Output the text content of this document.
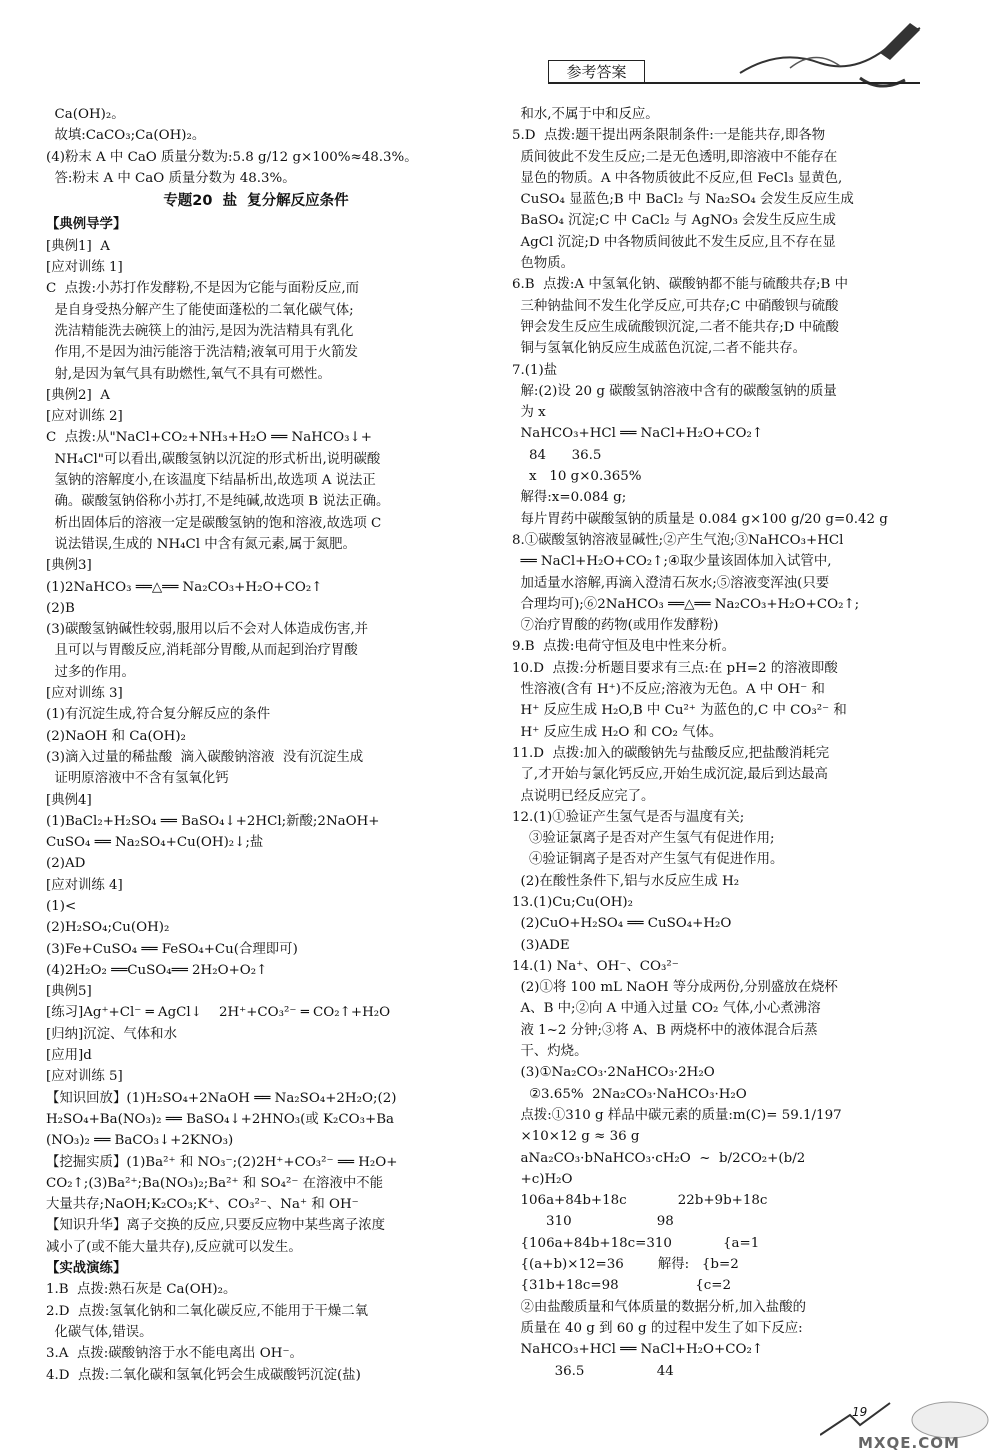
参考答案
Ca(OH)₂。
故填:CaCO₃;Ca(OH)₂。
(4)粉末 A 中 CaO 质量分数为:5.8 g/12 g×100%≈48.3%。
答:粉末 A 中 CaO 质量分数为 48.3%。
专题20  盐  复分解反应条件
【典例导学】
[典例1]  A
[应对训练 1]
C  点拨:小苏打作发酵粉,不是因为它能与面粉反应,而
是自身受热分解产生了能使面蓬松的二氧化碳气体;
洗洁精能洗去碗筷上的油污,是因为洗洁精具有乳化
作用,不是因为油污能溶于洗洁精;液氧可用于火箭发
射,是因为氧气具有助燃性,氧气不具有可燃性。
[典例2]  A
[应对训练 2]
C  点拨:从"NaCl+CO₂+NH₃+H₂O ══ NaHCO₃↓+
NH₄Cl"可以看出,碳酸氢钠以沉淀的形式析出,说明碳酸
氢钠的溶解度小,在该温度下结晶析出,故选项 A 说法正
确。碳酸氢钠俗称小苏打,不是纯碱,故选项 B 说法正确。
析出固体后的溶液一定是碳酸氢钠的饱和溶液,故选项 C
说法错误,生成的 NH₄Cl 中含有氮元素,属于氮肥。
[典例3]
(1)2NaHCO₃ ══△══ Na₂CO₃+H₂O+CO₂↑
(2)B
(3)碳酸氢钠碱性较弱,服用以后不会对人体造成伤害,并
且可以与胃酸反应,消耗部分胃酸,从而起到治疗胃酸
过多的作用。
[应对训练 3]
(1)有沉淀生成,符合复分解反应的条件
(2)NaOH 和 Ca(OH)₂
(3)滴入过量的稀盐酸  滴入碳酸钠溶液  没有沉淀生成
证明原溶液中不含有氢氧化钙
[典例4]
(1)BaCl₂+H₂SO₄ ══ BaSO₄↓+2HCl;新酸;2NaOH+
CuSO₄ ══ Na₂SO₄+Cu(OH)₂↓;盐
(2)AD
[应对训练 4]
(1)<
(2)H₂SO₄;Cu(OH)₂
(3)Fe+CuSO₄ ══ FeSO₄+Cu(合理即可)
(4)2H₂O₂ ══CuSO₄══ 2H₂O+O₂↑
[典例5]
[练习]Ag⁺+Cl⁻ ═ AgCl↓    2H⁺+CO₃²⁻ ═ CO₂↑+H₂O
[归纳]沉淀、气体和水
[应用]d
[应对训练 5]
【知识回放】(1)H₂SO₄+2NaOH ══ Na₂SO₄+2H₂O;(2)
H₂SO₄+Ba(NO₃)₂ ══ BaSO₄↓+2HNO₃(或 K₂CO₃+Ba
(NO₃)₂ ══ BaCO₃↓+2KNO₃)
【挖掘实质】(1)Ba²⁺ 和 NO₃⁻;(2)2H⁺+CO₃²⁻ ══ H₂O+
CO₂↑;(3)Ba²⁺;Ba(NO₃)₂;Ba²⁺ 和 SO₄²⁻ 在溶液中不能
大量共存;NaOH;K₂CO₃;K⁺、CO₃²⁻、Na⁺ 和 OH⁻
【知识升华】离子交换的反应,只要反应物中某些离子浓度
减小了(或不能大量共存),反应就可以发生。
【实战演练】
1.B  点拨:熟石灰是 Ca(OH)₂。
2.D  点拨:氢氧化钠和二氧化碳反应,不能用于干燥二氧
化碳气体,错误。
3.A  点拨:碳酸钠溶于水不能电离出 OH⁻。
4.D  点拨:二氧化碳和氢氧化钙会生成碳酸钙沉淀(盐)
和水,不属于中和反应。
5.D  点拨:题干提出两条限制条件:一是能共存,即各物
质间彼此不发生反应;二是无色透明,即溶液中不能存在
显色的物质。A 中各物质彼此不反应,但 FeCl₃ 显黄色,
CuSO₄ 显蓝色;B 中 BaCl₂ 与 Na₂SO₄ 会发生反应生成
BaSO₄ 沉淀;C 中 CaCl₂ 与 AgNO₃ 会发生反应生成
AgCl 沉淀;D 中各物质间彼此不发生反应,且不存在显
色物质。
6.B  点拨:A 中氢氧化钠、碳酸钠都不能与硫酸共存;B 中
三种钠盐间不发生化学反应,可共存;C 中硝酸钡与硫酸
钾会发生反应生成硫酸钡沉淀,二者不能共存;D 中硫酸
铜与氢氧化钠反应生成蓝色沉淀,二者不能共存。
7.(1)盐
解:(2)设 20 g 碳酸氢钠溶液中含有的碳酸氢钠的质量
为 x
NaHCO₃+HCl ══ NaCl+H₂O+CO₂↑
84      36.5
x   10 g×0.365%
解得:x=0.084 g;
每片胃药中碳酸氢钠的质量是 0.084 g×100 g/20 g=0.42 g
8.①碳酸氢钠溶液显碱性;②产生气泡;③NaHCO₃+HCl
══ NaCl+H₂O+CO₂↑;④取少量该固体加入试管中,
加适量水溶解,再滴入澄清石灰水;⑤溶液变浑浊(只要
合理均可);⑥2NaHCO₃ ══△══ Na₂CO₃+H₂O+CO₂↑;
⑦治疗胃酸的药物(或用作发酵粉)
9.B  点拨:电荷守恒及电中性来分析。
10.D  点拨:分析题目要求有三点:在 pH=2 的溶液即酸
性溶液(含有 H⁺)不反应;溶液为无色。A 中 OH⁻ 和
H⁺ 反应生成 H₂O,B 中 Cu²⁺ 为蓝色的,C 中 CO₃²⁻ 和
H⁺ 反应生成 H₂O 和 CO₂ 气体。
11.D  点拨:加入的碳酸钠先与盐酸反应,把盐酸消耗完
了,才开始与氯化钙反应,开始生成沉淀,最后到达最高
点说明已经反应完了。
12.(1)①验证产生氢气是否与温度有关;
③验证氯离子是否对产生氢气有促进作用;
④验证铜离子是否对产生氢气有促进作用。
(2)在酸性条件下,铝与水反应生成 H₂
13.(1)Cu;Cu(OH)₂
(2)CuO+H₂SO₄ ══ CuSO₄+H₂O
(3)ADE
14.(1) Na⁺、OH⁻、CO₃²⁻
(2)①将 100 mL NaOH 等分成两份,分别盛放在烧杯
A、B 中;②向 A 中通入过量 CO₂ 气体,小心煮沸溶
液 1~2 分钟;③将 A、B 两烧杯中的液体混合后蒸
干、灼烧。
(3)①Na₂CO₃·2NaHCO₃·2H₂O
②3.65%  2Na₂CO₃·NaHCO₃·H₂O
点拨:①310 g 样品中碳元素的质量:m(C)= 59.1/197
×10×12 g ≈ 36 g
aNa₂CO₃·bNaHCO₃·cH₂O  ~  b/2CO₂+(b/2
+c)H₂O
106a+84b+18c            22b+9b+18c
310                    98
{106a+84b+18c=310            {a=1
{(a+b)×12=36        解得:   {b=2
{31b+18c=98                  {c=2
②由盐酸质量和气体质量的数据分析,加入盐酸的
质量在 40 g 到 60 g 的过程中发生了如下反应:
NaHCO₃+HCl ══ NaCl+H₂O+CO₂↑
36.5                 44
19
MXQE.COM
